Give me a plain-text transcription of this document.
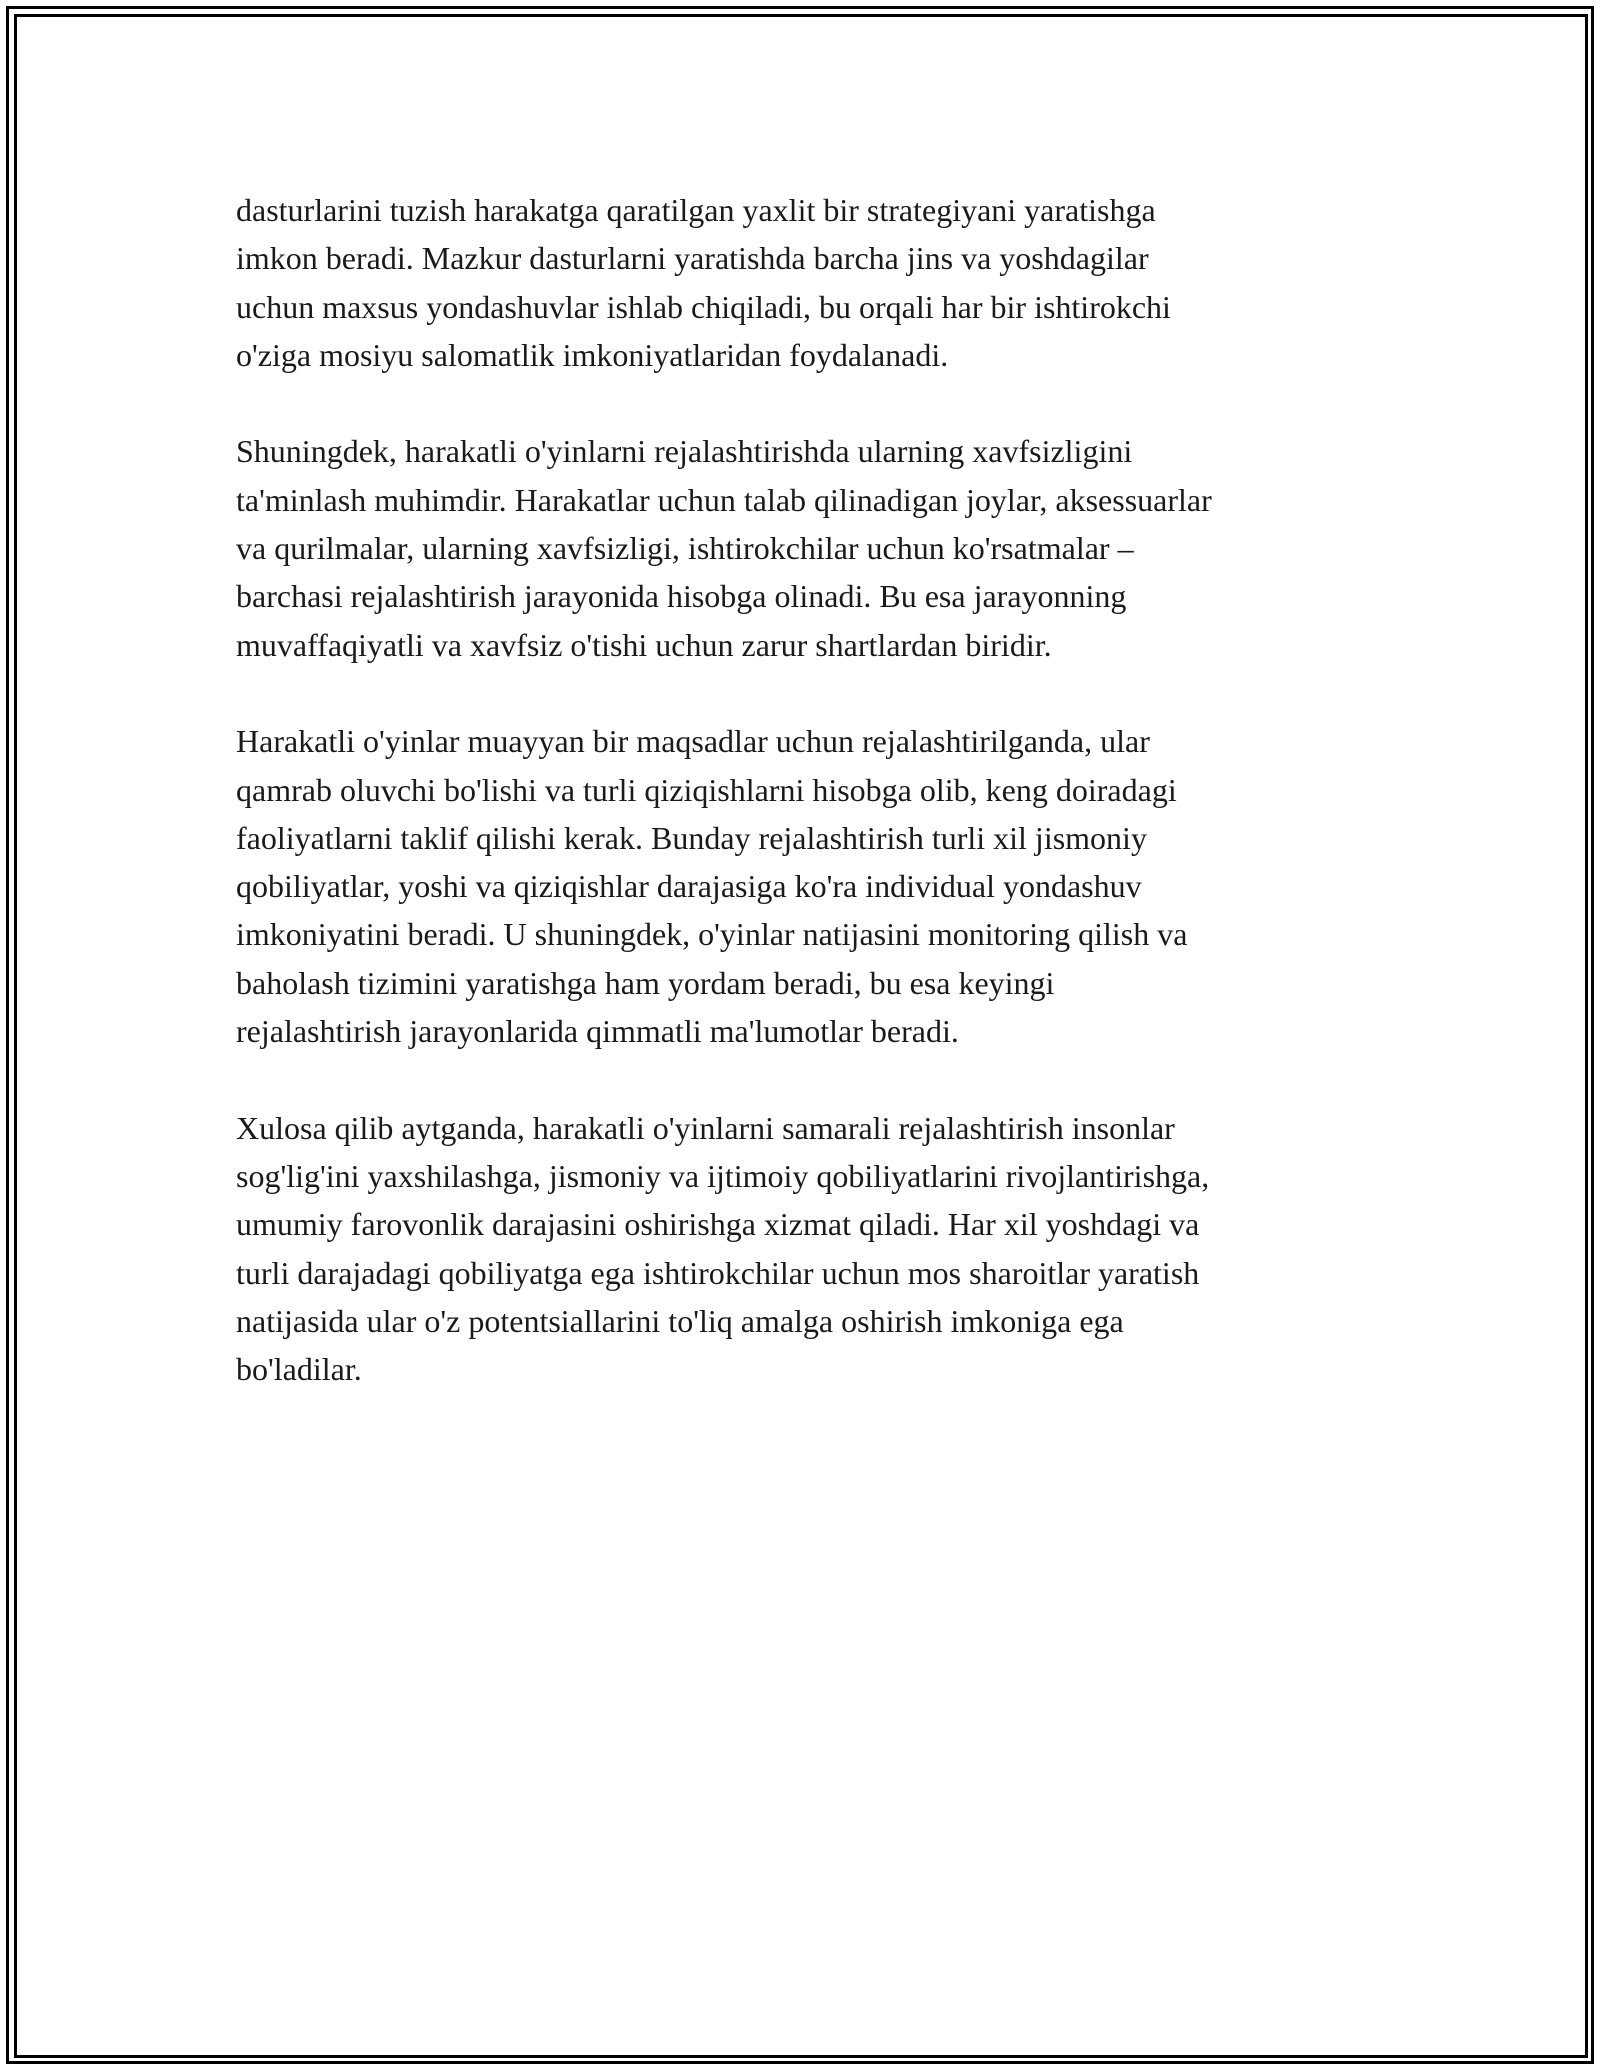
dasturlarini tuzish harakatga qaratilgan yaxlit bir strategiyani yaratishga
imkon beradi. Mazkur dasturlarni yaratishda barcha jins va yoshdagilar
uchun maxsus yondashuvlar ishlab chiqiladi, bu orqali har bir ishtirokchi
o'ziga mosiyu salomatlik imkoniyatlaridan foydalanadi.

Shuningdek, harakatli o'yinlarni rejalashtirishda ularning xavfsizligini
ta'minlash muhimdir. Harakatlar uchun talab qilinadigan joylar, aksessuarlar
va qurilmalar, ularning xavfsizligi, ishtirokchilar uchun ko'rsatmalar –
barchasi rejalashtirish jarayonida hisobga olinadi. Bu esa jarayonning
muvaffaqiyatli va xavfsiz o'tishi uchun zarur shartlardan biridir.

Harakatli o'yinlar muayyan bir maqsadlar uchun rejalashtirilganda, ular
qamrab oluvchi bo'lishi va turli qiziqishlarni hisobga olib, keng doiradagi
faoliyatlarni taklif qilishi kerak. Bunday rejalashtirish turli xil jismoniy
qobiliyatlar, yoshi va qiziqishlar darajasiga ko'ra individual yondashuv
imkoniyatini beradi. U shuningdek, o'yinlar natijasini monitoring qilish va
baholash tizimini yaratishga ham yordam beradi, bu esa keyingi
rejalashtirish jarayonlarida qimmatli ma'lumotlar beradi.

Xulosa qilib aytganda, harakatli o'yinlarni samarali rejalashtirish insonlar
sog'lig'ini yaxshilashga, jismoniy va ijtimoiy qobiliyatlarini rivojlantirishga,
umumiy farovonlik darajasini oshirishga xizmat qiladi. Har xil yoshdagi va
turli darajadagi qobiliyatga ega ishtirokchilar uchun mos sharoitlar yaratish
natijasida ular o'z potentsiallarini to'liq amalga oshirish imkoniga ega
bo'ladilar.
